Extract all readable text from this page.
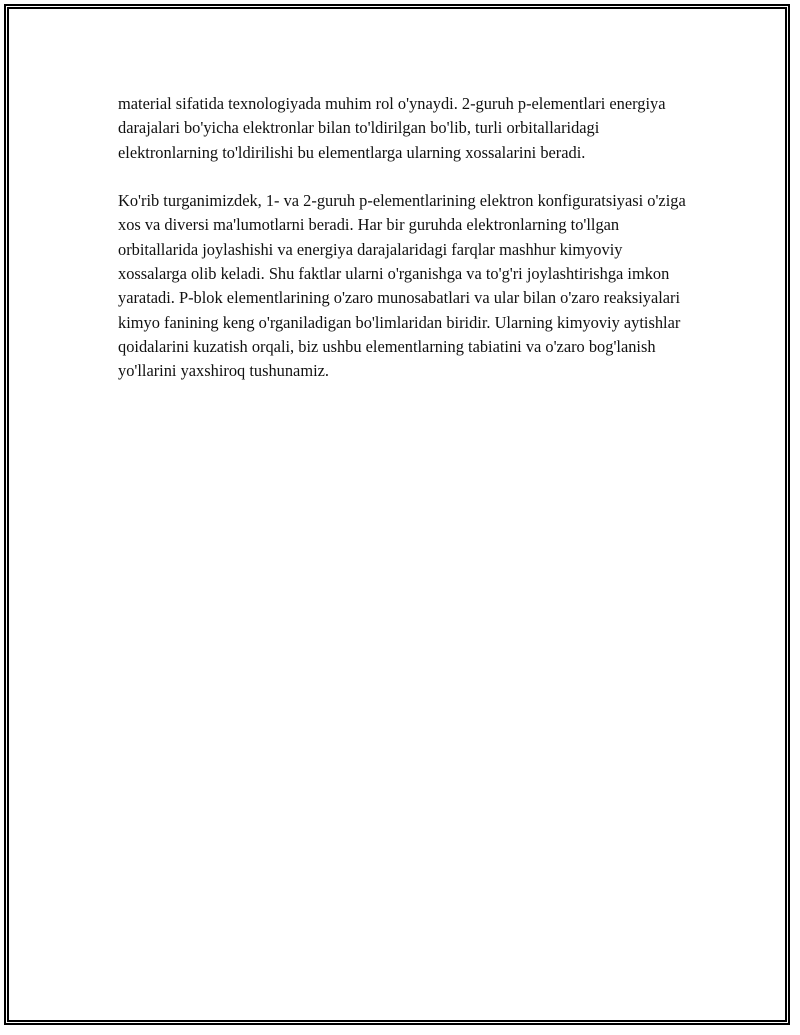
material sifatida texnologiyada muhim rol o'ynaydi. 2-guruh p-elementlari energiya darajalari bo'yicha elektronlar bilan to'ldirilgan bo'lib, turli orbitallaridagi elektronlarning to'ldirilishi bu elementlarga ularning xossalarini beradi.

Ko'rib turganimizdek, 1- va 2-guruh p-elementlarining elektron konfiguratsiyasi o'ziga xos va diversi ma'lumotlarni beradi. Har bir guruhda elektronlarning to'llgan orbitallarida joylashishi va energiya darajalaridagi farqlar mashhur kimyoviy xossalarga olib keladi. Shu faktlar ularni o'rganishga va to'g'ri joylashtirishga imkon yaratadi. P-blok elementlarining o'zaro munosabatlari va ular bilan o'zaro reaksiyalari kimyo fanining keng o'rganiladigan bo'limlaridan biridir. Ularning kimyoviy aytishlar qoidalarini kuzatish orqali, biz ushbu elementlarning tabiatini va o'zaro bog'lanish yo'llarini yaxshiroq tushunamiz.
